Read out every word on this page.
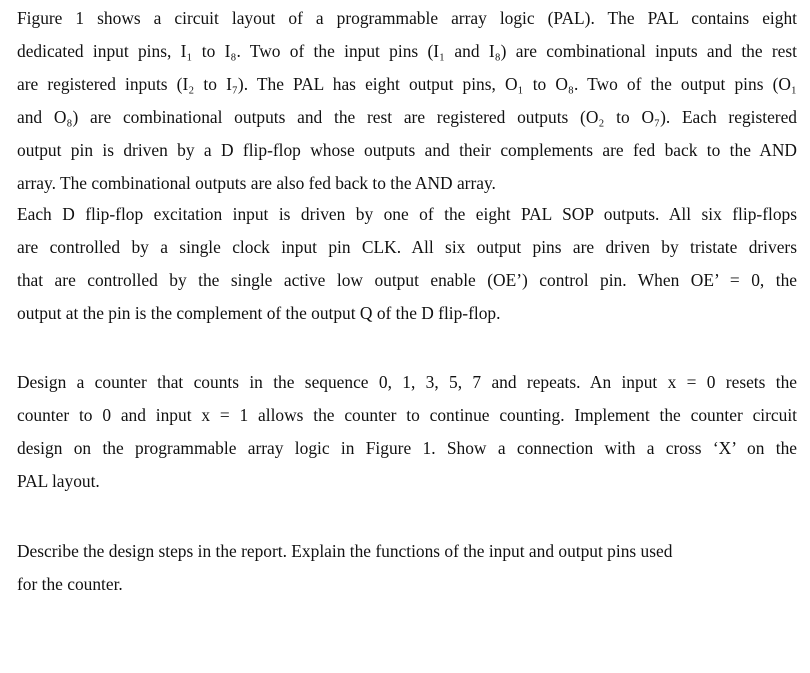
Figure 1 shows a circuit layout of a programmable array logic (PAL). The PAL contains eight
dedicated input pins, I₁ to I₈. Two of the input pins (I₁ and I₈) are combinational inputs and the rest
are registered inputs (I₂ to I₇). The PAL has eight output pins, O₁ to O₈. Two of the output pins (O₁
and O₈) are combinational outputs and the rest are registered outputs (O₂ to O₇). Each registered
output pin is driven by a D flip-flop whose outputs and their complements are fed back to the AND
array. The combinational outputs are also fed back to the AND array.

Each D flip-flop excitation input is driven by one of the eight PAL SOP outputs. All six flip-flops
are controlled by a single clock input pin CLK. All six output pins are driven by tristate drivers
that are controlled by the single active low output enable (OE’) control pin. When OE’ = 0, the
output at the pin is the complement of the output Q of the D flip-flop.

Design a counter that counts in the sequence 0, 1, 3, 5, 7 and repeats. An input x = 0 resets the
counter to 0 and input x = 1 allows the counter to continue counting. Implement the counter circuit
design on the programmable array logic in Figure 1. Show a connection with a cross ‘X’ on the
PAL layout.

Describe the design steps in the report. Explain the functions of the input and output pins used
for the counter.
